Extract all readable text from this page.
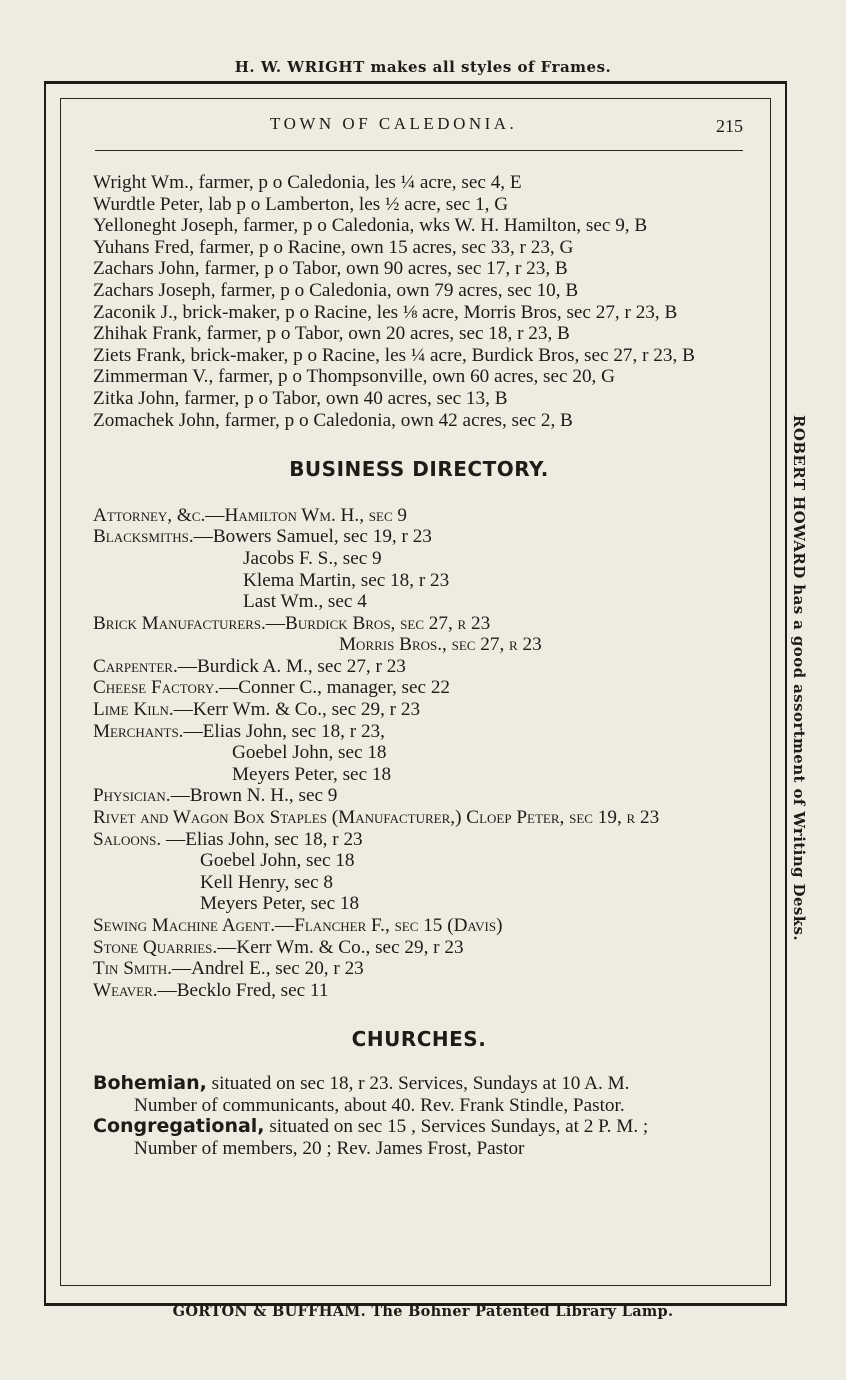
H. W. WRIGHT makes all styles of Frames.
ROBERT HOWARD has a good assortment of Writing Desks.
TOWN OF CALEDONIA.	215

Wright Wm., farmer, p o Caledonia, les ¼ acre, sec 4, E

Wurdtle Peter, lab p o Lamberton, les ½ acre, sec 1, G

Yelloneght Joseph, farmer, p o Caledonia, wks W. H. Hamilton, sec 9, B

Yuhans Fred, farmer, p o Racine, own 15 acres, sec 33, r 23, G

Zachars John, farmer, p o Tabor, own 90 acres, sec 17, r 23, B

Zachars Joseph, farmer, p o Caledonia, own 79 acres, sec 10, B

Zaconik J., brick-maker, p o Racine, les ⅛ acre, Morris Bros, sec 27, r 23, B

Zhihak Frank, farmer, p o Tabor, own 20 acres, sec 18, r 23, B

Ziets Frank, brick-maker, p o Racine, les ¼ acre, Burdick Bros, sec 27, r 23, B

Zimmerman V., farmer, p o Thompsonville, own 60 acres, sec 20, G

Zitka John, farmer, p o Tabor, own 40 acres, sec 13, B

Zomachek John, farmer, p o Caledonia, own 42 acres, sec 2, B

BUSINESS DIRECTORY.

Attorney, &c.—Hamilton Wm. H., sec 9

Blacksmiths.—Bowers Samuel, sec 19, r 23

Jacobs F. S., sec 9

Klema Martin, sec 18, r 23

Last Wm., sec 4

Brick Manufacturers.—Burdick Bros, sec 27, r 23

Morris Bros., sec 27, r 23

Carpenter.—Burdick A. M., sec 27, r 23

Cheese Factory.—Conner C., manager, sec 22

Lime Kiln.—Kerr Wm. & Co., sec 29, r 23

Merchants.—Elias John, sec 18, r 23,

Goebel John, sec 18

Meyers Peter, sec 18

Physician.—Brown N. H., sec 9

Rivet and Wagon Box Staples (Manufacturer,) Cloep Peter, sec 19, r 23

Saloons. —Elias John, sec 18, r 23

Goebel John, sec 18

Kell Henry, sec 8

Meyers Peter, sec 18

Sewing Machine Agent.—Flancher F., sec 15 (Davis)

Stone Quarries.—Kerr Wm. & Co., sec 29, r 23

Tin Smith.—Andrel E., sec 20, r 23

Weaver.—Becklo Fred, sec 11

CHURCHES.

Bohemian, situated on sec 18, r 23. Services, Sundays at 10 A. M.

Number of communicants, about 40. Rev. Frank Stindle, Pastor.

Congregational, situated on sec 15 , Services Sundays, at 2 P. M. ;

Number of members, 20 ; Rev. James Frost, Pastor

GORTON & BUFFHAM. The Bohner Patented Library Lamp.
